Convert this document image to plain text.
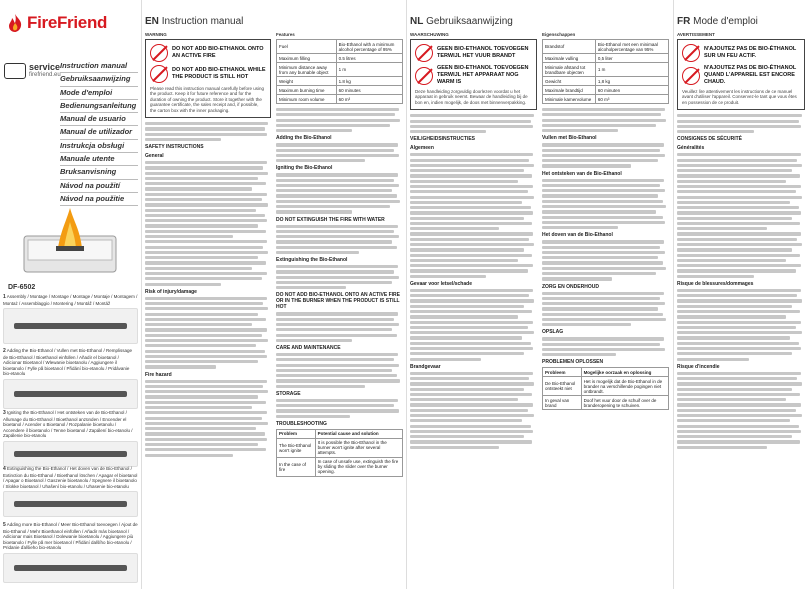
FireFriend
service
firefriend.eu
Instruction manual
Gebruiksaanwijzing
Mode d'emploi
Bedienungsanleitung
Manual de usuario
Manual de utilizador
Instrukcja obsługi
Manuale utente
Bruksanvisning
Návod na použití
Návod na použitie
DF-6502

1 Assembly / Montage / Montage / Montage / Montaje / Montagem / Montaż / Assemblaggio / Montering / Montáž / Montáž

2 Adding the Bio-Ethanol / Vullen met Bio-Ethanol / Remplissage de Bio-Ethanol / Bioethanol einfüllen / Añadir el bioetanol / Adicionar Bioetanol / Wlewanie bioetanolu / Aggiungere il bioetanolo / Fylle på bioetanol / Přidání bio-etanolu / Pridávanie bio-etanolu

3 Igniting the Bio-Ethanol / Het ontsteken van de Bio-Ethanol / Allumage du Bio-Ethanol / Bioethanol anzünden / Encender el bioetanol / Acender o Bioetanol / Rozpalanie bioetanolu / Accendere il bioetanolo / Tenne bioetanol / Zapálení bio-etanolu / Zapálenie bio-etanolu

4 Extinguishing the Bio-Ethanol / Het doven van de Bio-Ethanol / Extinction du Bio-Ethanol / Bioethanol löschen / Apagar el bioetanol / Apagar o Bioetanol / Gaszenie bioetanolu / Spegnere il bioetanolo / Slokke bioetanol / Uhašení bio-etanolu / Uhasenie bio-etanolu

5 Adding more Bio-Ethanol / Meer Bio-Ethanol toevoegen / Ajout de Bio-Ethanol / Mehr Bioethanol einfüllen / Añadir más bioetanol / Adicionar mais Bioetanol / Dolewanie bioetanolu / Aggiungere più bioetanolo / Fylle på mer bioetanol / Přidání dalšího bio-etanolu / Pridanie ďalšieho bio-etanolu

EN Instruction manual
WARNING
DO NOT ADD BIO-ETHANOL ONTO AN ACTIVE FIRE
DO NOT ADD BIO-ETHANOL WHILE THE PRODUCT IS STILL HOT
Please read this instruction manual carefully before using the product. Keep it for future reference and for the duration of owning the product. Store it together with the guarantee certificate, the sales receipt and, if possible, the carton box with the inner packaging.
SAFETY INSTRUCTIONS
General
Risk of injury/damage
Fire hazard
Features
Fuel	Bio-Ethanol with a minimum alcohol percentage of 95%
Maximum filling	0.5 litres
Minimum distance away from any burnable object	1 m
Weight	1.8 kg
Maximum burning time	60 minutes
Minimum room volume	60 m³
Adding the Bio-Ethanol
Igniting the Bio-Ethanol
DO NOT EXTINGUISH THE FIRE WITH WATER
Extinguishing the Bio-Ethanol
DO NOT ADD BIO-ETHANOL ONTO AN ACTIVE FIRE OR IN THE BURNER WHEN THE PRODUCT IS STILL HOT
CARE AND MAINTENANCE
STORAGE
TROUBLESHOOTING
Problem	Potential cause and solution
The Bio-Ethanol won't ignite	It is possible the Bio-Ethanol in the burner won't ignite after several attempts.
In the case of fire	In case of unsafe use, extinguish the fire by sliding the slider over the burner opening.
NL Gebruiksaanwijzing
WAARSCHUWING
GEEN BIO-ETHANOL TOEVOEGEN TERWIJL HET VUUR BRANDT
GEEN BIO-ETHANOL TOEVOEGEN TERWIJL HET APPARAAT NOG WARM IS
Deze handleiding zorgvuldig doorlezen voordat u het apparaat in gebruik neemt. Bewaar de handleiding bij de bon en, indien mogelijk, de doos met binnenverpakking.
VEILIGHEIDSINSTRUCTIES
Algemeen
Gevaar voor letsel/schade
Brandgevaar
Eigenschappen
Brandstof	Bio-Ethanol met een minimaal alcoholpercentage van 95%
Maximale vulling	0,5 liter
Minimale afstand tot brandbare objecten	1 m
Gewicht	1,8 kg
Maximale brandtijd	60 minuten
Minimale kamervolume	60 m³
Vullen met Bio-Ethanol
Het ontsteken van de Bio-Ethanol
Het doven van de Bio-Ethanol
ZORG EN ONDERHOUD
OPSLAG
PROBLEMEN OPLOSSEN
Probleem	Mogelijke oorzaak en oplossing
De Bio-Ethanol ontsteekt niet	Het is mogelijk dat de Bio-Ethanol in de brander na verschillende pogingen niet ontbrandt.
In geval van brand	Doof het vuur door de schuif over de branderopening te schuiven.
FR Mode d'emploi
AVERTISSEMENT
N'AJOUTEZ PAS DE BIO-ÉTHANOL SUR UN FEU ACTIF.
N'AJOUTEZ PAS DE BIO-ÉTHANOL QUAND L'APPAREIL EST ENCORE CHAUD.
Veuillez lire attentivement les instructions de ce manuel avant d'utiliser l'appareil. Conservez-le tant que vous êtes en possession de ce produit.
CONSIGNES DE SÉCURITÉ
Généralités
Risque de blessures/dommages
Risque d'incendie
